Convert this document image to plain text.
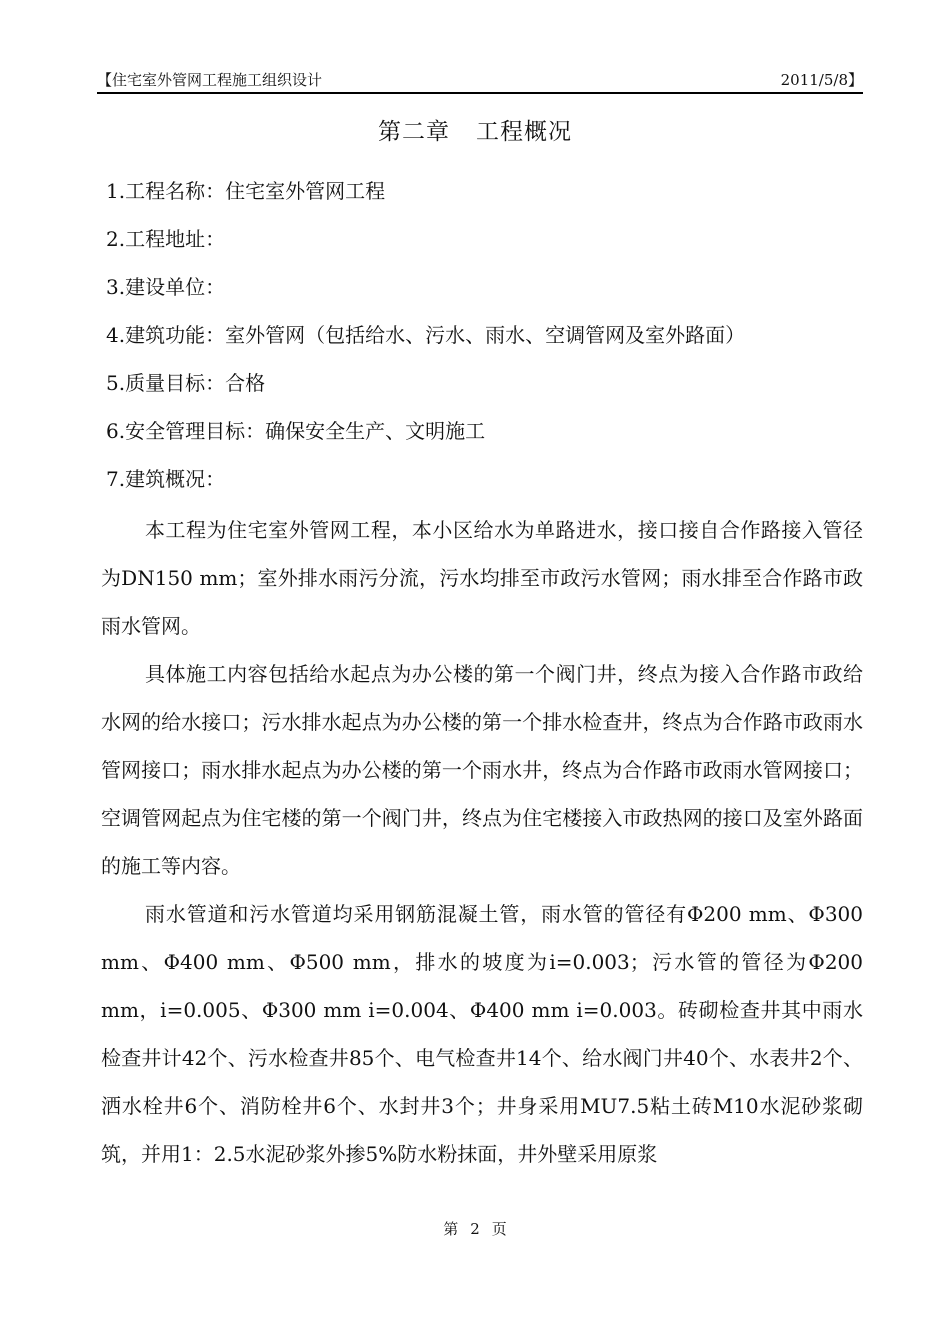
【住宅室外管网工程施工组织设计	2011/5/8】
第二章 工程概况
1.工程名称：住宅室外管网工程
2.工程地址：
3.建设单位：
4.建筑功能：室外管网（包括给水、污水、雨水、空调管网及室外路面）
5.质量目标：合格
6.安全管理目标：确保安全生产、文明施工
7.建筑概况：
本工程为住宅室外管网工程，本小区给水为单路进水，接口接自合作路接入管径为DN150 mm；室外排水雨污分流，污水均排至市政污水管网；雨水排至合作路市政雨水管网。
具体施工内容包括给水起点为办公楼的第一个阀门井，终点为接入合作路市政给水网的给水接口；污水排水起点为办公楼的第一个排水检查井，终点为合作路市政雨水管网接口；雨水排水起点为办公楼的第一个雨水井，终点为合作路市政雨水管网接口；空调管网起点为住宅楼的第一个阀门井，终点为住宅楼接入市政热网的接口及室外路面的施工等内容。
雨水管道和污水管道均采用钢筋混凝土管，雨水管的管径有Φ200 mm、Φ300 mm、Φ400 mm、Φ500 mm，排水的坡度为i=0.003；污水管的管径为Φ200 mm，i=0.005、Φ300 mm i=0.004、Φ400 mm i=0.003。砖砌检查井其中雨水检查井计42个、污水检查井85个、电气检查井14个、给水阀门井40个、水表井2个、洒水栓井6个、消防栓井6个、水封井3个；井身采用MU7.5粘土砖M10水泥砂浆砌筑，并用1：2.5水泥砂浆外掺5%防水粉抹面，井外壁采用原浆
第 2 页
